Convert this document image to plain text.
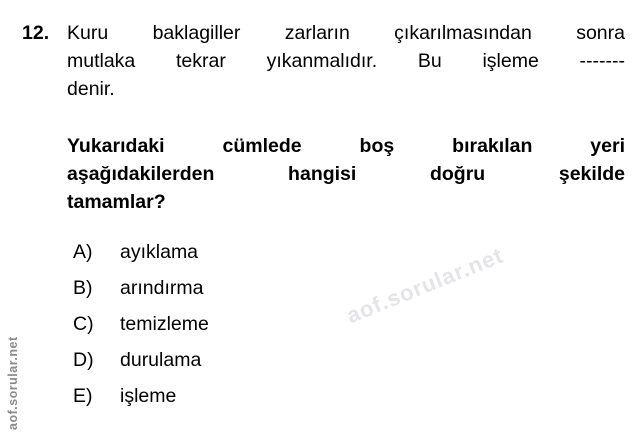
aof.sorular.net
aof.sorular.net
12. Kuru baklagiller zarların çıkarılmasından sonra
mutlaka tekrar yıkanmalıdır. Bu işleme -------
denir.
Yukarıdaki cümlede boş bırakılan yeri
aşağıdakilerden hangisi doğru şekilde
tamamlar?
A) ayıklama
B) arındırma
C) temizleme
D) durulama
E) işleme
